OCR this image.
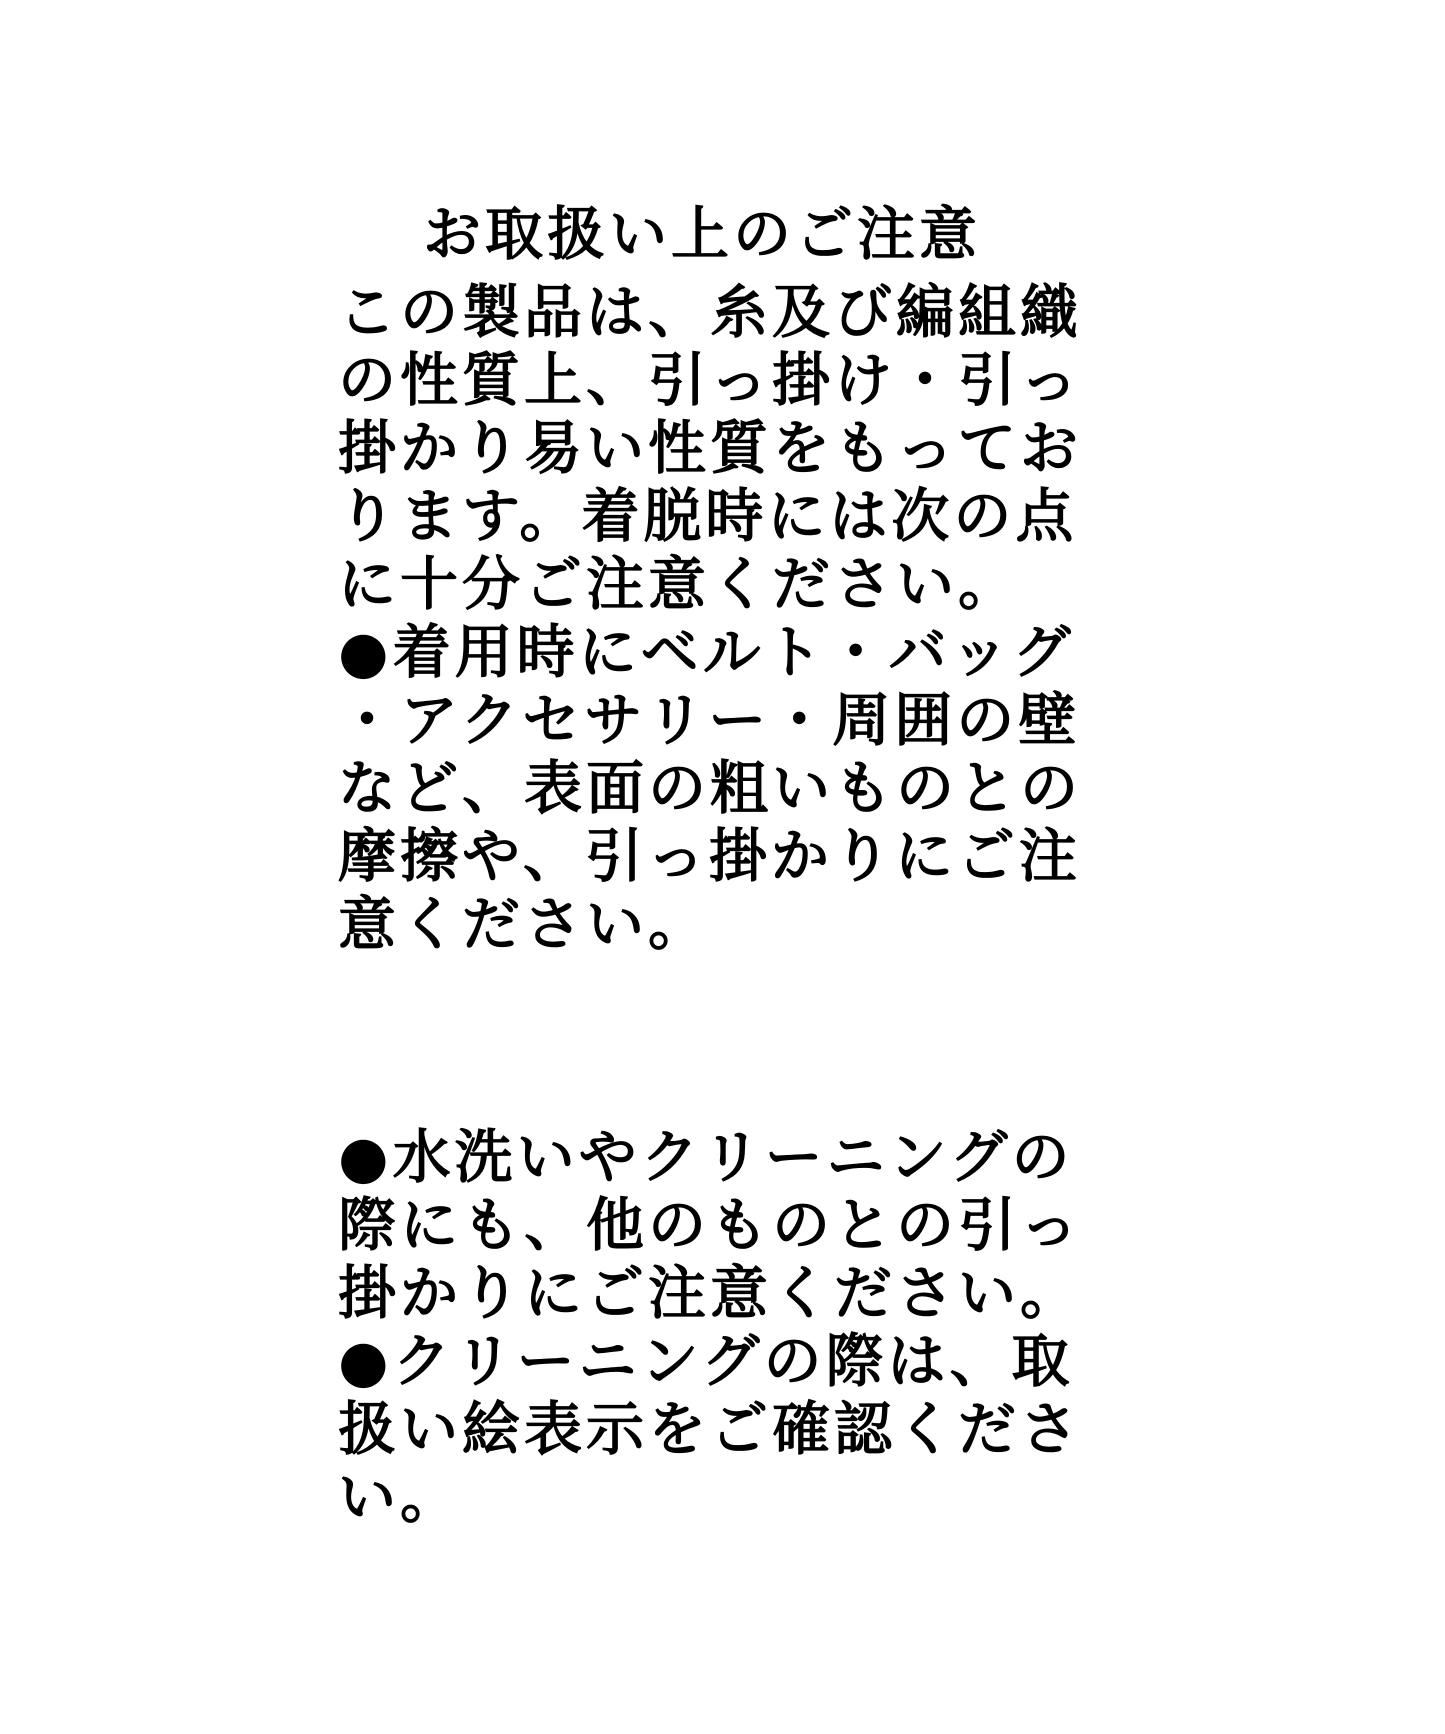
お取扱い上のご注意
この製品は、糸及び編組織
の性質上、引っ掛け・引っ
掛かり易い性質をもってお
ります。着脱時には次の点
に十分ご注意ください。
●着用時にベルト・バッグ
・アクセサリー・周囲の壁
など、表面の粗いものとの
摩擦や、引っ掛かりにご注
意ください。
●水洗いやクリーニングの
際にも、他のものとの引っ
掛かりにご注意ください。
●クリーニングの際は、取
扱い絵表示をご確認くださ
い。
